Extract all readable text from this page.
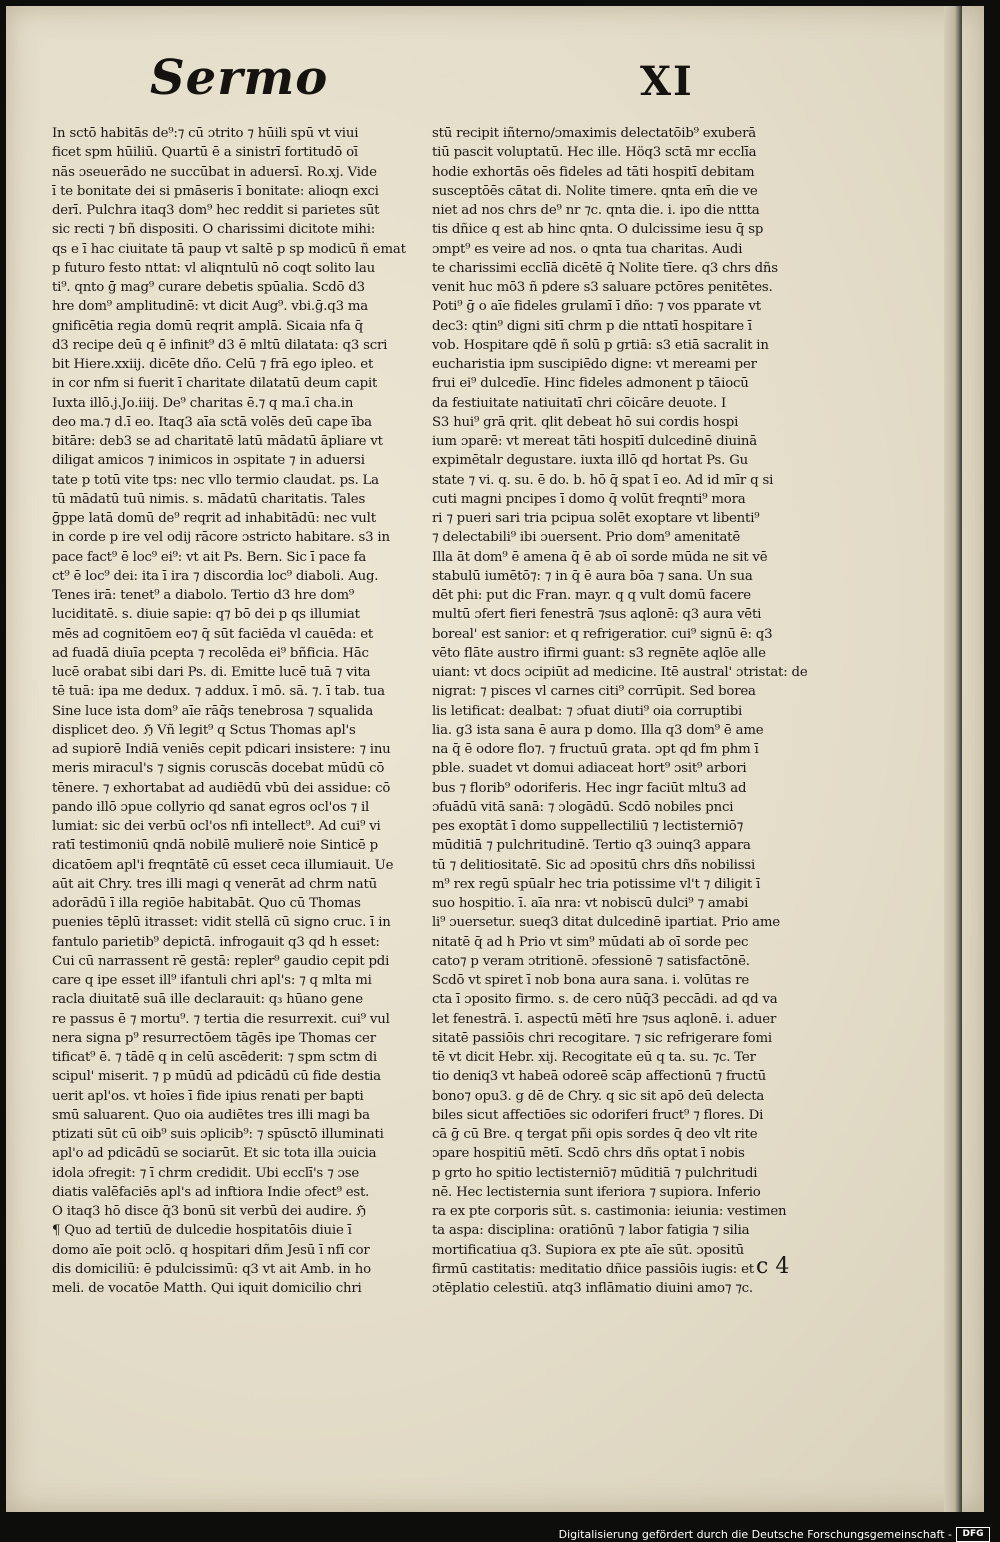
Sermo	XI
In sctō habitās de⁹:⁊ cū ɔtrito ⁊ hūili spū vt viui
ficet spm hūiliū. Quartū ē a sinistrī fortitudō oī
nās ɔseuerādo ne succūbat in aduersī. Ro.xj. Vide
ī te bonitate dei si pmāseris ī bonitate: alioqn exci
derī. Pulchra itaq3 dom⁹ hec reddit si parietes sūt
sic recti ⁊ bñ dispositi. O charissimi dicitote mihi:
qs e ī hac ciuitate tā paup vt saltē p sp modicū ñ emat
p futuro festo nttat: vl aliqntulū nō coqt solito lau
ti⁹. qnto ḡ mag⁹ curare debetis spūalia. Scdō d3
hre dom⁹ amplitudinē: vt dicit Aug⁹. vbi.ḡ.q3 ma
gnificētia regia domū reqrit amplā. Sicaia nfa q̄
d3 recipe deū q ē infinit⁹ d3 ē mltū dilatata: q3 scri
bit Hiere.xxiij. dicēte dño. Celū ⁊ frā ego ipleo. et
in cor nfm si fuerit ī charitate dilatatū deum capit
Iuxta illō.j.Jo.iiij. De⁹ charitas ē.⁊ q ma.ī cha.in
deo ma.⁊ d.ī eo. Itaq3 aīa sctā volēs deū cape ība
bitāre: deb3 se ad charitatē latū mādatū āpliare vt
diligat amicos ⁊ inimicos in ɔspitate ⁊ in aduersi
tate p totū vite tps: nec vllo termio claudat. ps. La
tū mādatū tuū nimis. s. mādatū charitatis. Tales
ḡppe latā domū de⁹ reqrit ad inhabitādū: nec vult
in corde p ire vel odij rācore ɔstricto habitare. s3 in
pace fact⁹ ē loc⁹ ei⁹: vt ait Ps. Bern. Sic ī pace fa
ct⁹ ē loc⁹ dei: ita ī ira ⁊ discordia loc⁹ diaboli. Aug.
Tenes irā: tenet⁹ a diabolo. Tertio d3 hre dom⁹
luciditatē. s. diuie sapie: q⁊ bō dei p qs illumiat
mēs ad cognitōem eo⁊ q̄ sūt faciēda vl cauēda: et
ad fuadā diuīa pcepta ⁊ recolēda ei⁹ bñficia. Hāc
lucē orabat sibi dari Ps. di. Emitte lucē tuā ⁊ vita
tē tuā: ipa me dedux. ⁊ addux. ī mō. sā. ⁊. ī tab. tua
Sine luce ista dom⁹ aīe rāq̄s tenebrosa ⁊ squalida
displicet deo. ℌ Vñ legit⁹ q Sctus Thomas apl's
ad supiorē Indiā veniēs cepit pdicari insistere: ⁊ inu
meris miracul's ⁊ signis coruscās docebat mūdū cō
tēnere. ⁊ exhortabat ad audiēdū vbū dei assidue: cō
pando illō ɔpue collyrio qd sanat egros ocl'os ⁊ il
lumiat: sic dei verbū ocl'os nfi intellect⁹. Ad cui⁹ vi
ratī testimoniū qndā nobilē mulierē noie Sinticē p
dicatōem apl'i freqntātē cū esset ceca illumiauit. Ue
aūt ait Chry. tres illi magi q venerāt ad chrm natū
adorādū ī illa regiōe habitabāt. Quo cū Thomas
puenies tēplū itrasset: vidit stellā cū signo cruc. ī in
fantulo parietib⁹ depictā. infrogauit q3 qd h esset:
Cui cū narrassent rē gestā: repler⁹ gaudio cepit pdi
care q ipe esset ill⁹ ifantuli chri apl's: ⁊ q mlta mi
racla diuitatē suā ille declarauit: q₃ hūano gene
re passus ē ⁊ mortu⁹. ⁊ tertia die resurrexit. cui⁹ vul
nera signa p⁹ resurrectōem tāgēs ipe Thomas cer
tificat⁹ ē. ⁊ tādē q in celū ascēderit: ⁊ spm sctm di
scipul' miserit. ⁊ p mūdū ad pdicādū cū fide destia
uerit apl'os. vt hoīes ī fide ipius renati per bapti
smū saluarent. Quo oia audiētes tres illi magi ba
ptizati sūt cū oib⁹ suis ɔplicib⁹: ⁊ spūsctō illuminati
apl'o ad pdicādū se sociarūt. Et sic tota illa ɔuicia
idola ɔfregit: ⁊ ī chrm credidit. Ubi ecclī's ⁊ ɔse
diatis valēfaciēs apl's ad inftiora Indie ɔfect⁹ est.
O itaq3 hō disce q̄3 bonū sit verbū dei audire. ℌ
¶ Quo ad tertiū de dulcedie hospitatōis diuie ī
domo aīe poit ɔclō. q hospitari dñm Jesū ī nfī cor
dis domiciliū: ē pdulcissimū: q3 vt ait Amb. in ho
meli. de vocatōe Matth. Qui iquit domicilio chri
stū recipit iñterno/ɔmaximis delectatōib⁹ exuberā
tiū pascit voluptatū. Hec ille. Höq3 sctā mr ecclīa
hodie exhortās oēs fideles ad tāti hospitī debitam
susceptōēs cātat di. Nolite timere. qnta em̄ die ve
niet ad nos chrs de⁹ nr ⁊c. qnta die. i. ipo die nttta
tis dñice q est ab hinc qnta. O dulcissime iesu q̄ sp
ɔmpt⁹ es veire ad nos. o qnta tua charitas. Audi
te charissimi ecclīā dicētē q̄ Nolite tīere. q3 chrs dñs
venit huc mō3 ñ pdere s3 saluare pctōres penitētes.
Poti⁹ ḡ o aīe fideles grulamī ī dño: ⁊ vos pparate vt
dec3: qtin⁹ digni sitī chrm p die nttatī hospitare ī
vob. Hospitare qdē ñ solū p grtiā: s3 etiā sacralit in
eucharistia ipm suscipiēdo digne: vt mereami per
frui ei⁹ dulcedīe. Hinc fideles admonent p tāiocū
da festiuitate natiuitatī chri cōicāre deuote. I
S3 hui⁹ grā qrit. qlit debeat hō sui cordis hospi
ium ɔparē: vt mereat tāti hospitī dulcedinē diuinā
expimētalr degustare. iuxta illō qd hortat Ps. Gu
state ⁊ vi. q. su. ē do. b. hō q̄ spat ī eo. Ad id mīr q si
cuti magni pncipes ī domo q̄ volūt freqnti⁹ mora
ri ⁊ pueri sari tria pcipua solēt exoptare vt libenti⁹
⁊ delectabili⁹ ibi ɔuersent. Prio dom⁹ amenitatē
Illa āt dom⁹ ē amena q̄ ē ab oī sorde mūda ne sit vē
stabulū iumētō⁊: ⁊ in q̄ ē aura bōa ⁊ sana. Un sua
dēt phi: put dic Fran. mayr. q q vult domū facere
multū ɔfert fieri fenestrā ⁊sus aqlonē: q3 aura vēti
boreal' est sanior: et q refrigeratior. cui⁹ signū ē: q3
vēto flāte austro ifirmi guant: s3 regnēte aqlōe alle
uiant: vt docs ɔcipiūt ad medicine. Itē austral' ɔtristat: de
nigrat: ⁊ pisces vl carnes citi⁹ corrūpit. Sed borea
lis letificat: dealbat: ⁊ ɔfuat diuti⁹ oia corruptibi
lia. g3 ista sana ē aura p domo. Illa q3 dom⁹ ē ame
na q̄ ē odore flo⁊. ⁊ fructuū grata. ɔpt qd fm phm ī
pble. suadet vt domui adiaceat hort⁹ ɔsit⁹ arbori
bus ⁊ florib⁹ odoriferis. Hec ingr faciūt mltu3 ad
ɔfuādū vitā sanā: ⁊ ɔlogādū. Scdō nobiles pnci
pes exoptāt ī domo suppellectiliū ⁊ lectisterniō⁊
mūditiā ⁊ pulchritudinē. Tertio q3 ɔuinq3 appara
tū ⁊ delitiositatē. Sic ad ɔpositū chrs dñs nobilissi
m⁹ rex regū spūalr hec tria potissime vl't ⁊ diligit ī
suo hospitio. ī. aīa nra: vt nobiscū dulci⁹ ⁊ amabi
li⁹ ɔuersetur. sueq3 ditat dulcedinē ipartiat. Prio ame
nitatē q̄ ad h Prio vt sim⁹ mūdati ab oī sorde pec
cato⁊ p veram ɔtritionē. ɔfessionē ⁊ satisfactōnē.
Scdō vt spiret ī nob bona aura sana. i. volūtas re
cta ī ɔposito firmo. s. de cero nūq̄3 peccādi. ad qd va
let fenestrā. ī. aspectū mētī hre ⁊sus aqlonē. i. aduer
sitatē passiōis chri recogitare. ⁊ sic refrigerare fomi
tē vt dicit Hebr. xij. Recogitate eū q ta. su. ⁊c. Ter
tio deniq3 vt habeā odoreē scāp affectionū ⁊ fructū
bono⁊ opu3. g dē de Chry. q sic sit apō deū delecta
biles sicut affectiōes sic odoriferi fruct⁹ ⁊ flores. Di
cā ḡ cū Bre. q tergat pñi opis sordes q̄ deo vlt rite
ɔpare hospitiū mētī. Scdō chrs dñs optat ī nobis
p grto ho spitio lectisterniō⁊ mūditiā ⁊ pulchritudi
nē. Hec lectisternia sunt iferiora ⁊ supiora. Inferio
ra ex pte corporis sūt. s. castimonia: ieiunia: vestimen
ta aspa: disciplina: oratiōnū ⁊ labor fatigia ⁊ silia
mortificatiua q3. Supiora ex pte aīe sūt. ɔpositū
firmū castitatis: meditatio dñice passiōis iugis: et
ɔtēplatio celestiū. atq3 inflāmatio diuini amo⁊ ⁊c.
c 4
Digitalisierung gefördert durch die Deutsche Forschungsgemeinschaft -	DFG
